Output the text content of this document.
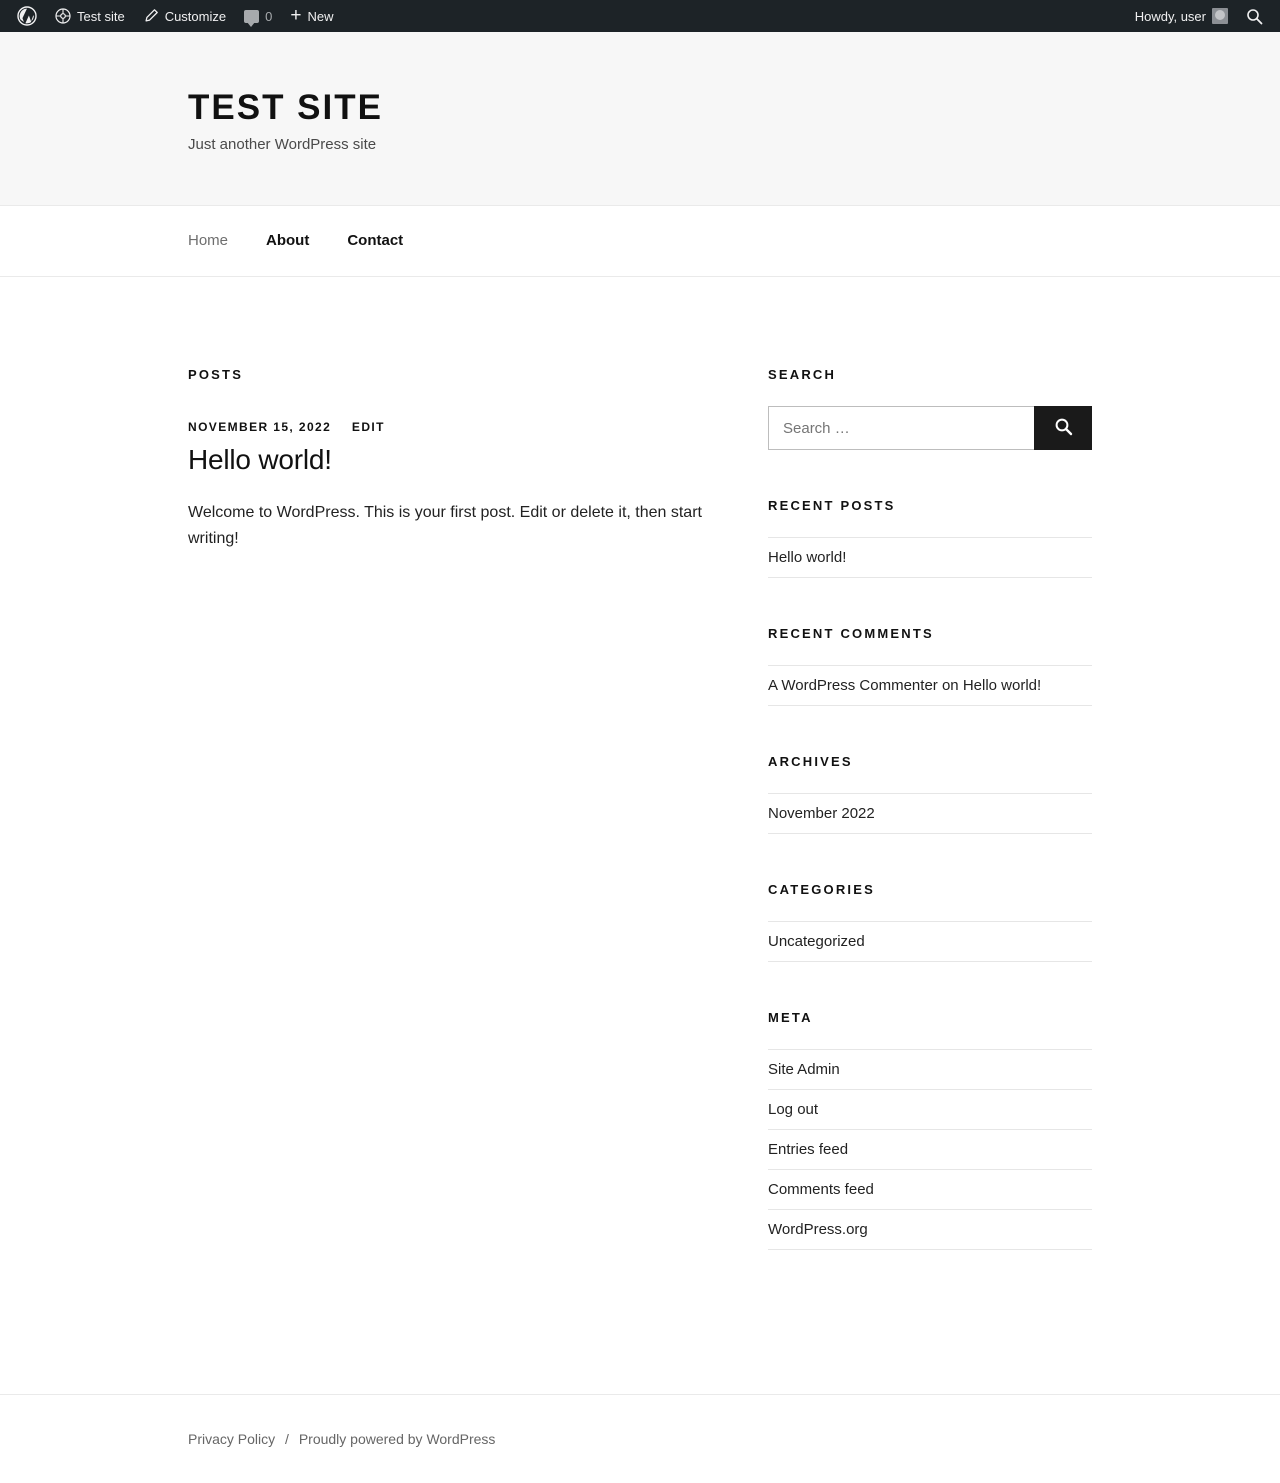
Test site	Customize	0 + New	Howdy, user
TEST SITE

Just another WordPress site

Home	About	Contact
POSTS
NOVEMBER 15, 2022 EDIT
Hello world!

Welcome to WordPress. This is your first post. Edit or delete it, then start writing!

SEARCH
Search …
RECENT POSTS
Hello world!
RECENT COMMENTS
A WordPress Commenter on Hello world!
ARCHIVES
November 2022
CATEGORIES
Uncategorized
META
Site Admin
Log out
Entries feed
Comments feed
WordPress.org
Privacy Policy / Proudly powered by WordPress
